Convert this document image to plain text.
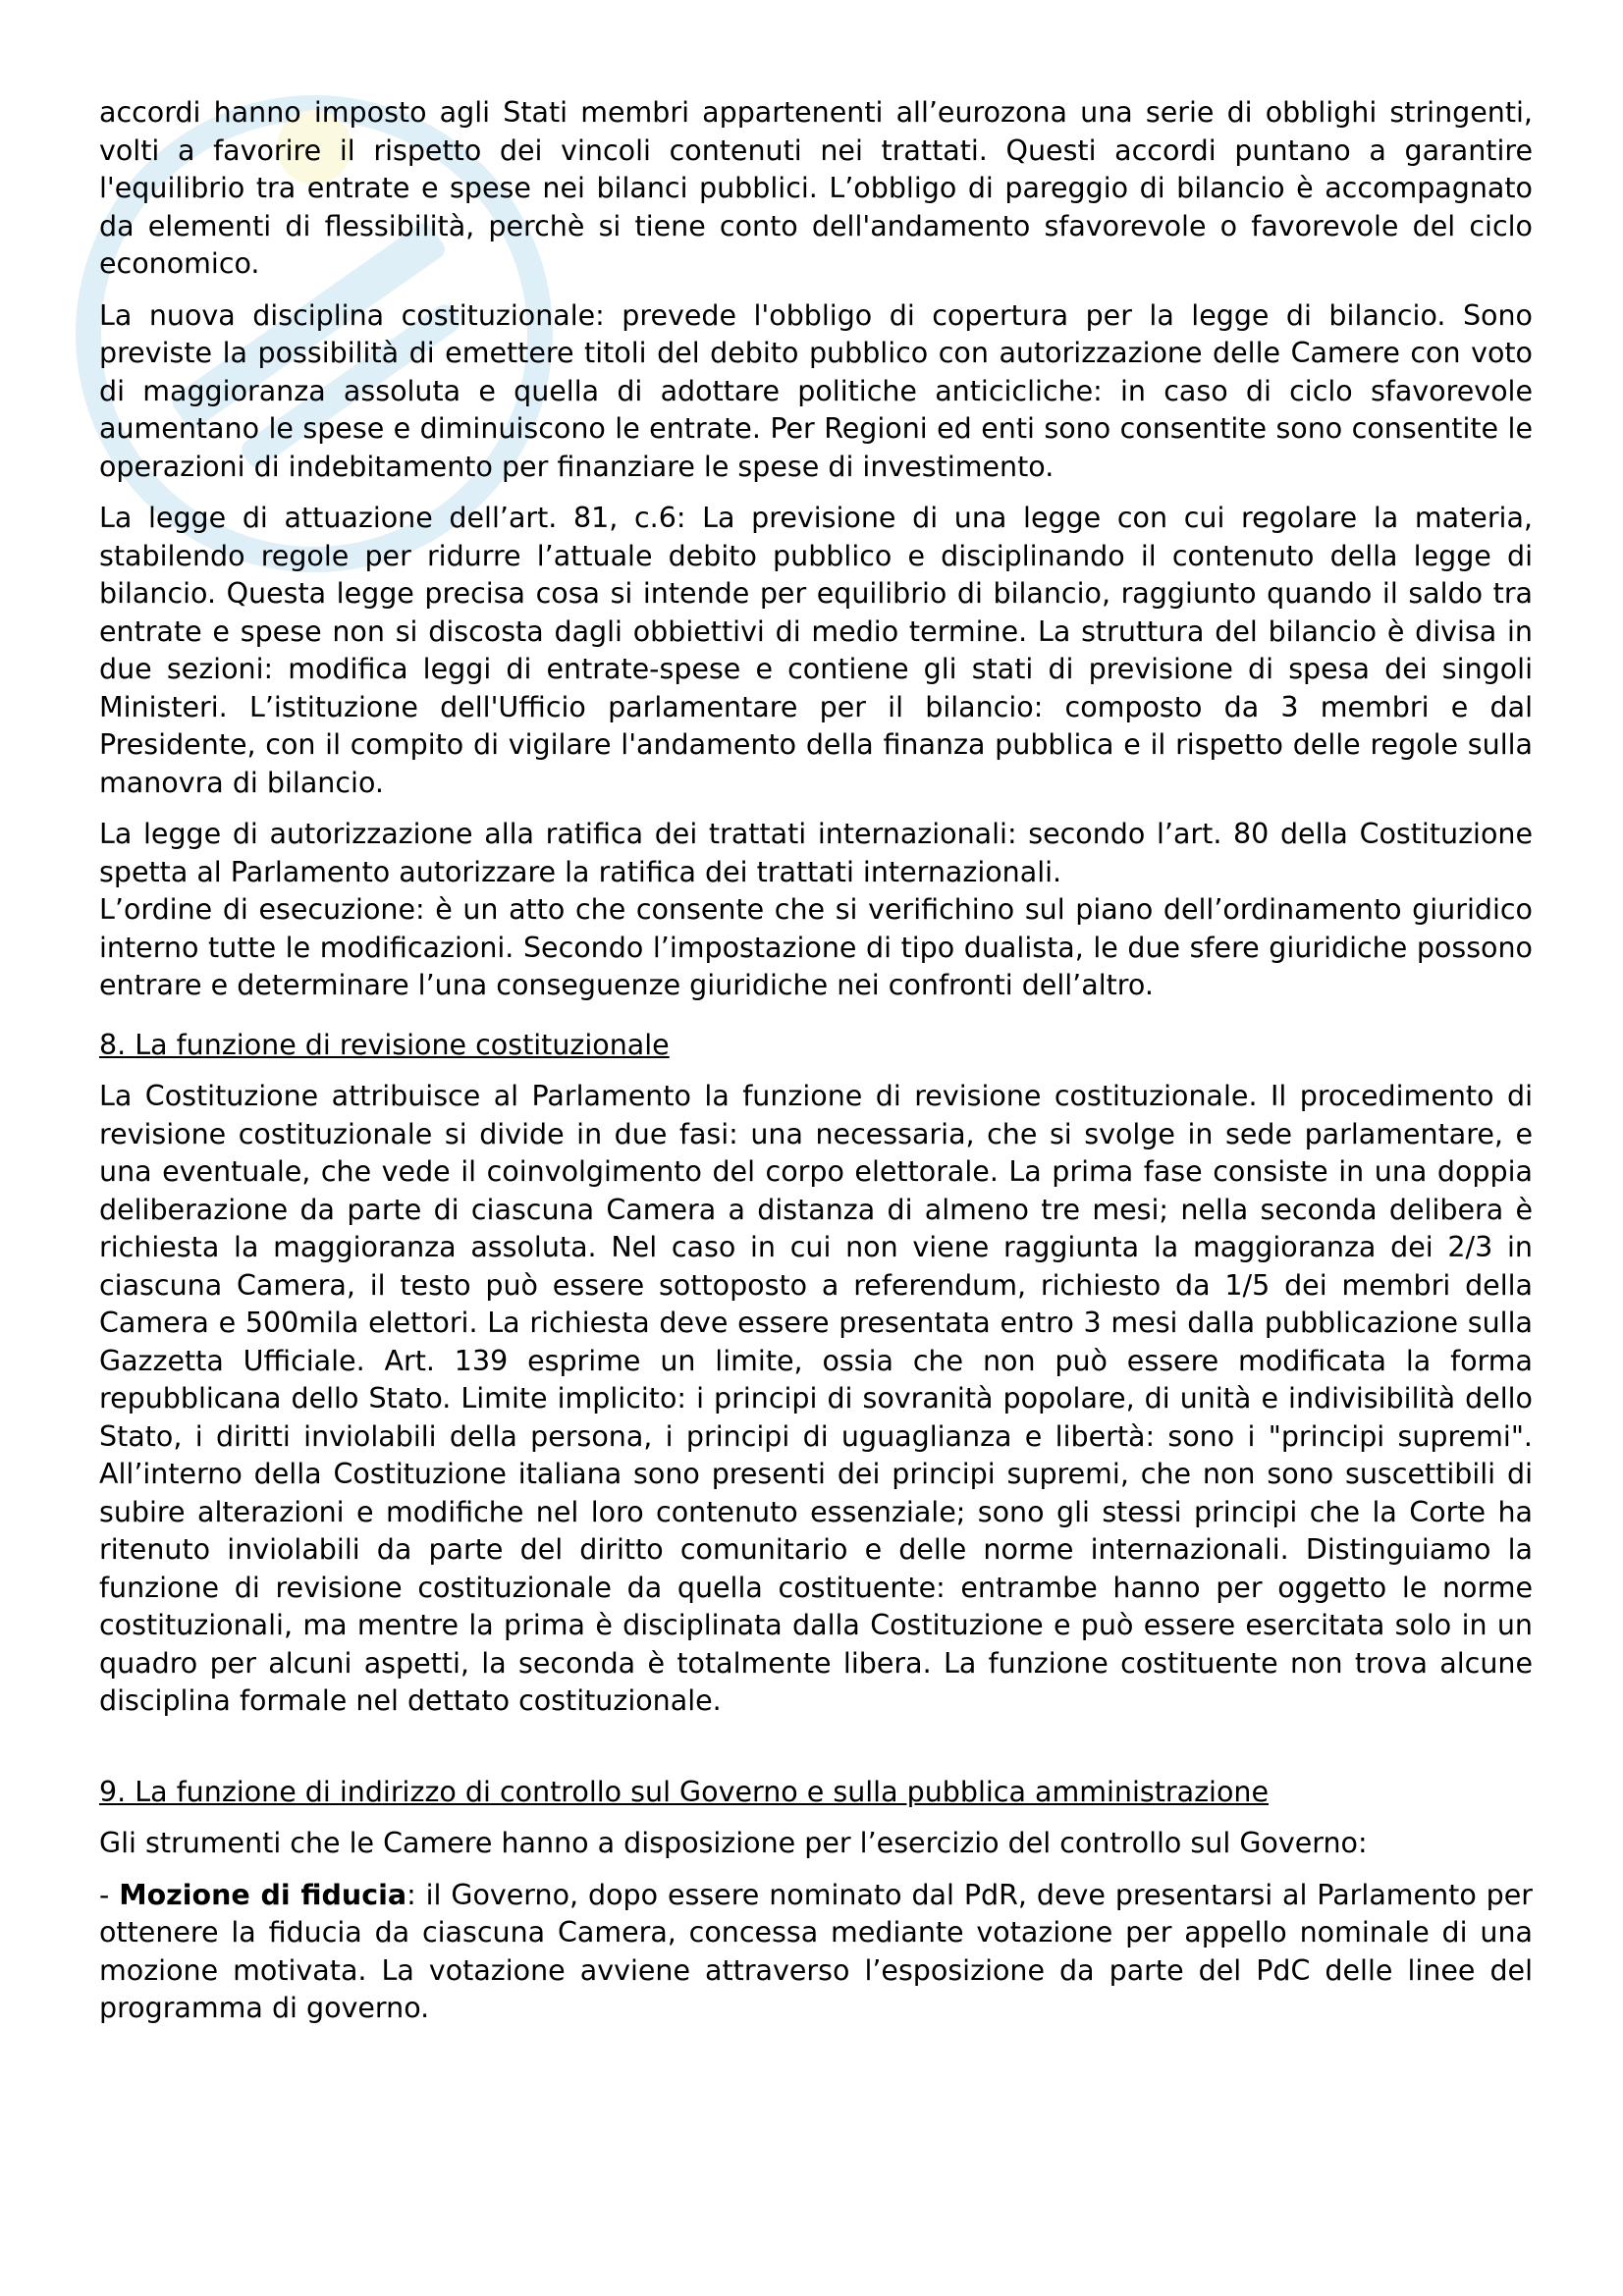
accordi hanno imposto agli Stati membri appartenenti all’eurozona una serie di obblighi stringenti, volti a favorire il rispetto dei vincoli contenuti nei trattati. Questi accordi puntano a garantire l'equilibrio tra entrate e spese nei bilanci pubblici. L’obbligo di pareggio di bilancio è accompagnato da elementi di flessibilità, perchè si tiene conto dell'andamento sfavorevole o favorevole del ciclo economico.

La nuova disciplina costituzionale: prevede l'obbligo di copertura per la legge di bilancio. Sono previste la possibilità di emettere titoli del debito pubblico con autorizzazione delle Camere con voto di maggioranza assoluta e quella di adottare politiche anticicliche: in caso di ciclo sfavorevole aumentano le spese e diminuiscono le entrate. Per Regioni ed enti sono consentite sono consentite le operazioni di indebitamento per finanziare le spese di investimento.

La legge di attuazione dell’art. 81, c.6: La previsione di una legge con cui regolare la materia, stabilendo regole per ridurre l’attuale debito pubblico e disciplinando il contenuto della legge di bilancio. Questa legge precisa cosa si intende per equilibrio di bilancio, raggiunto quando il saldo tra entrate e spese non si discosta dagli obbiettivi di medio termine. La struttura del bilancio è divisa in due sezioni: modifica leggi di entrate-spese e contiene gli stati di previsione di spesa dei singoli Ministeri. L’istituzione dell'Ufficio parlamentare per il bilancio: composto da 3 membri e dal Presidente, con il compito di vigilare l'andamento della finanza pubblica e il rispetto delle regole sulla manovra di bilancio.

La legge di autorizzazione alla ratifica dei trattati internazionali: secondo l’art. 80 della Costituzione spetta al Parlamento autorizzare la ratifica dei trattati internazionali.

L’ordine di esecuzione: è un atto che consente che si verifichino sul piano dell’ordinamento giuridico interno tutte le modificazioni. Secondo l’impostazione di tipo dualista, le due sfere giuridiche possono entrare e determinare l’una conseguenze giuridiche nei confronti dell’altro.

8. La funzione di revisione costituzionale

La Costituzione attribuisce al Parlamento la funzione di revisione costituzionale. Il procedimento di revisione costituzionale si divide in due fasi: una necessaria, che si svolge in sede parlamentare, e una eventuale, che vede il coinvolgimento del corpo elettorale. La prima fase consiste in una doppia deliberazione da parte di ciascuna Camera a distanza di almeno tre mesi; nella seconda delibera è richiesta la maggioranza assoluta. Nel caso in cui non viene raggiunta la maggioranza dei 2/3 in ciascuna Camera, il testo può essere sottoposto a referendum, richiesto da 1/5 dei membri della Camera e 500mila elettori. La richiesta deve essere presentata entro 3 mesi dalla pubblicazione sulla Gazzetta Ufficiale. Art. 139 esprime un limite, ossia che non può essere modificata la forma repubblicana dello Stato. Limite implicito: i principi di sovranità popolare, di unità e indivisibilità dello Stato, i diritti inviolabili della persona, i principi di uguaglianza e libertà: sono i "principi supremi". All’interno della Costituzione italiana sono presenti dei principi supremi, che non sono suscettibili di subire alterazioni e modifiche nel loro contenuto essenziale; sono gli stessi principi che la Corte ha ritenuto inviolabili da parte del diritto comunitario e delle norme internazionali. Distinguiamo la funzione di revisione costituzionale da quella costituente: entrambe hanno per oggetto le norme costituzionali, ma mentre la prima è disciplinata dalla Costituzione e può essere esercitata solo in un quadro per alcuni aspetti, la seconda è totalmente libera. La funzione costituente non trova alcune disciplina formale nel dettato costituzionale.

9. La funzione di indirizzo di controllo sul Governo e sulla pubblica amministrazione

Gli strumenti che le Camere hanno a disposizione per l’esercizio del controllo sul Governo:

- Mozione di fiducia: il Governo, dopo essere nominato dal PdR, deve presentarsi al Parlamento per ottenere la fiducia da ciascuna Camera, concessa mediante votazione per appello nominale di una mozione motivata. La votazione avviene attraverso l’esposizione da parte del PdC delle linee del programma di governo.
